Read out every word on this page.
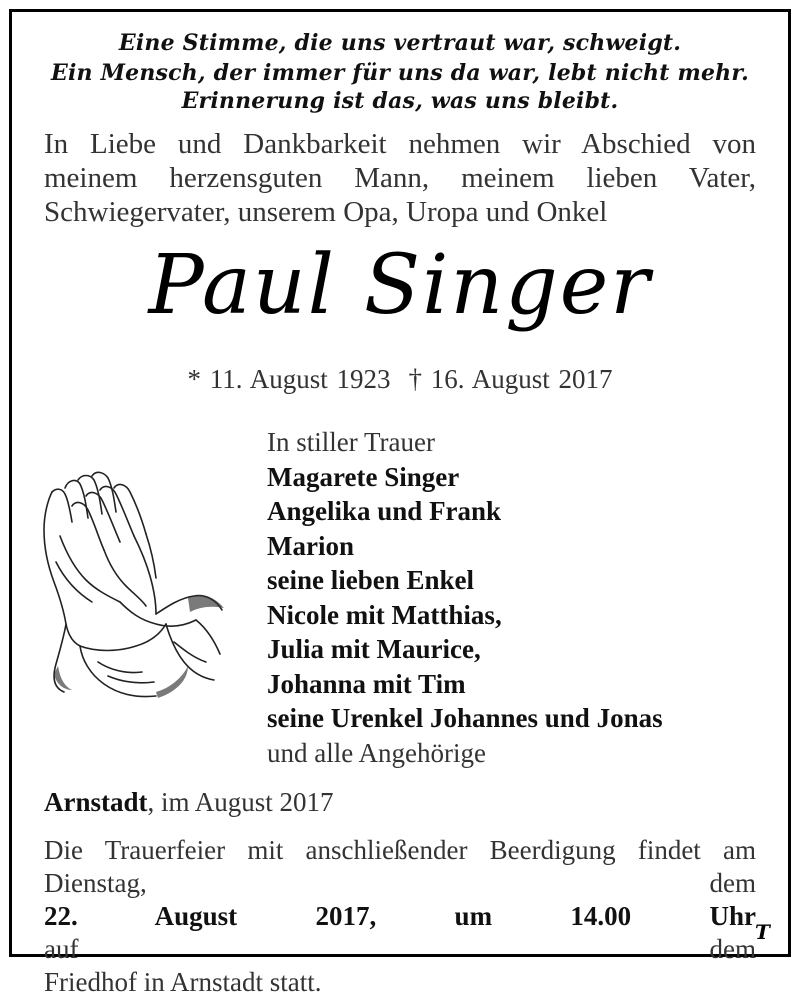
Eine Stimme, die uns vertraut war, schweigt.
Ein Mensch, der immer für uns da war, lebt nicht mehr.
Erinnerung ist das, was uns bleibt.
In Liebe und Dankbarkeit nehmen wir Abschied von
meinem herzensguten Mann, meinem lieben Vater,
Schwiegervater, unserem Opa, Uropa und Onkel
Paul Singer
* 11. August 1923 † 16. August 2017
In stiller Trauer
Magarete Singer
Angelika und Frank
Marion
seine lieben Enkel
Nicole mit Matthias,
Julia mit Maurice,
Johanna mit Tim
seine Urenkel Johannes und Jonas
und alle Angehörige
Arnstadt, im August 2017
Die Trauerfeier mit anschließender Beerdigung findet am
Dienstag, dem
22. August 2017, um 14.00 Uhr
auf dem
Friedhof in Arnstadt statt.
T
